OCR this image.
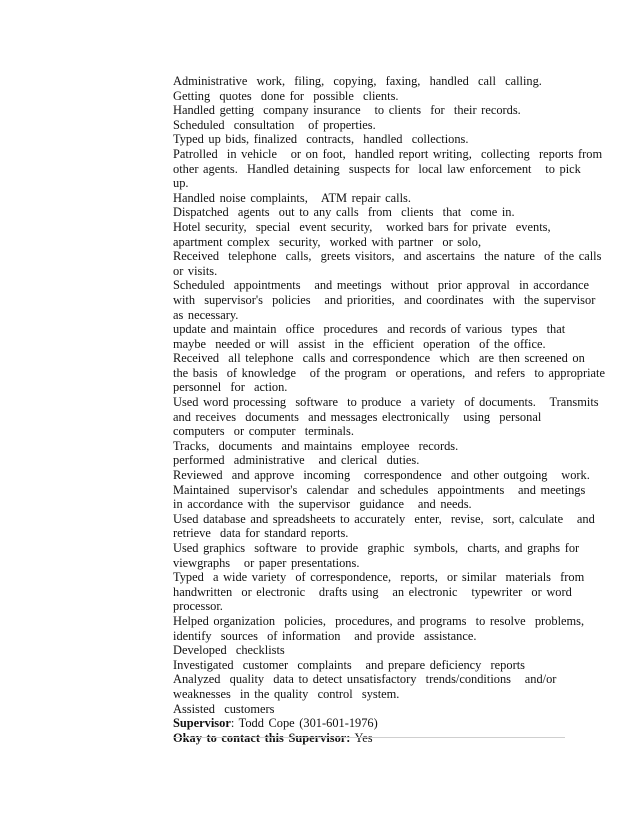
Administrative  work,  filing,  copying,  faxing,  handled  call  calling.
Getting  quotes  done for  possible  clients.
Handled getting  company insurance   to clients  for  their records.
Scheduled  consultation   of properties.
Typed up bids, finalized  contracts,  handled  collections.
Patrolled  in vehicle   or on foot,  handled report writing,  collecting  reports from
other agents.  Handled detaining  suspects for  local law enforcement   to pick
up.
Handled noise complaints,   ATM repair calls.
Dispatched  agents  out to any calls  from  clients  that  come in.
Hotel security,  special  event security,   worked bars for private  events,
apartment complex  security,  worked with partner  or solo,
Received  telephone  calls,  greets visitors,  and ascertains  the nature  of the calls
or visits.
Scheduled  appointments   and meetings  without  prior approval  in accordance
with  supervisor's  policies   and priorities,  and coordinates  with  the supervisor
as necessary.
update and maintain  office  procedures  and records of various  types  that
maybe  needed or will  assist  in the  efficient  operation  of the office.
Received  all telephone  calls and correspondence  which  are then screened on
the basis  of knowledge   of the program  or operations,  and refers  to appropriate
personnel  for  action.
Used word processing  software  to produce  a variety  of documents.   Transmits
and receives  documents  and messages electronically   using  personal
computers  or computer  terminals.
Tracks,  documents  and maintains  employee  records.
performed  administrative   and clerical  duties.
Reviewed  and approve  incoming   correspondence  and other outgoing   work.
Maintained  supervisor's  calendar  and schedules  appointments   and meetings
in accordance with  the supervisor  guidance   and needs.
Used database and spreadsheets to accurately  enter,  revise,  sort, calculate   and
retrieve  data for standard reports.
Used graphics  software  to provide  graphic  symbols,  charts, and graphs for
viewgraphs   or paper presentations.
Typed  a wide variety  of correspondence,  reports,  or similar  materials  from
handwritten  or electronic   drafts using   an electronic   typewriter  or word
processor.
Helped organization  policies,  procedures, and programs  to resolve  problems,
identify  sources  of information   and provide  assistance.
Developed  checklists
Investigated  customer  complaints   and prepare deficiency  reports
Analyzed  quality  data to detect unsatisfactory  trends/conditions   and/or
weaknesses  in the quality  control  system.
Assisted  customers
Supervisor: Todd Cope (301-601-1976)
Okay to contact this Supervisor: Yes
